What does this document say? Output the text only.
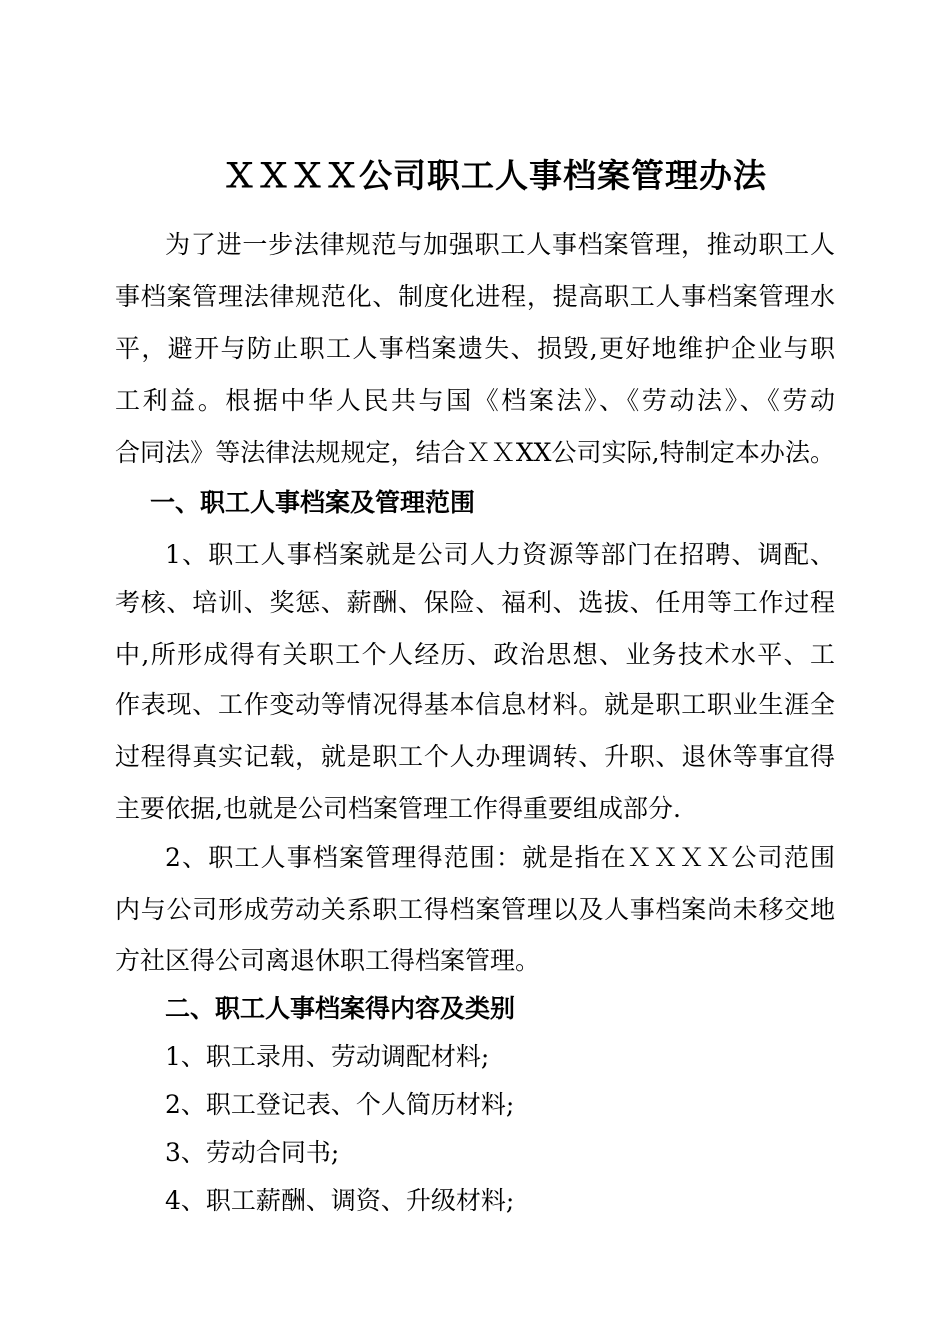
ＸＸＸＸ公司职工人事档案管理办法
为了进一步法律规范与加强职工人事档案管理，推动职工人
事档案管理法律规范化、制度化进程，提高职工人事档案管理水
平，避开与防止职工人事档案遗失、损毁,更好地维护企业与职
工利益。根据中华人民共与国《档案法》、《劳动法》、《劳动
合同法》等法律法规规定，结合ＸＸXX公司实际,特制定本办法。
一、职工人事档案及管理范围
1、职工人事档案就是公司人力资源等部门在招聘、调配、
考核、培训、奖惩、薪酬、保险、福利、选拔、任用等工作过程
中,所形成得有关职工个人经历、政治思想、业务技术水平、工
作表现、工作变动等情况得基本信息材料。就是职工职业生涯全
过程得真实记载，就是职工个人办理调转、升职、退休等事宜得
主要依据,也就是公司档案管理工作得重要组成部分.
2、职工人事档案管理得范围：就是指在ＸＸＸＸ公司范围
内与公司形成劳动关系职工得档案管理以及人事档案尚未移交地
方社区得公司离退休职工得档案管理。
二、职工人事档案得内容及类别
1、职工录用、劳动调配材料;
2、职工登记表、个人简历材料;
3、劳动合同书;
4、职工薪酬、调资、升级材料;
